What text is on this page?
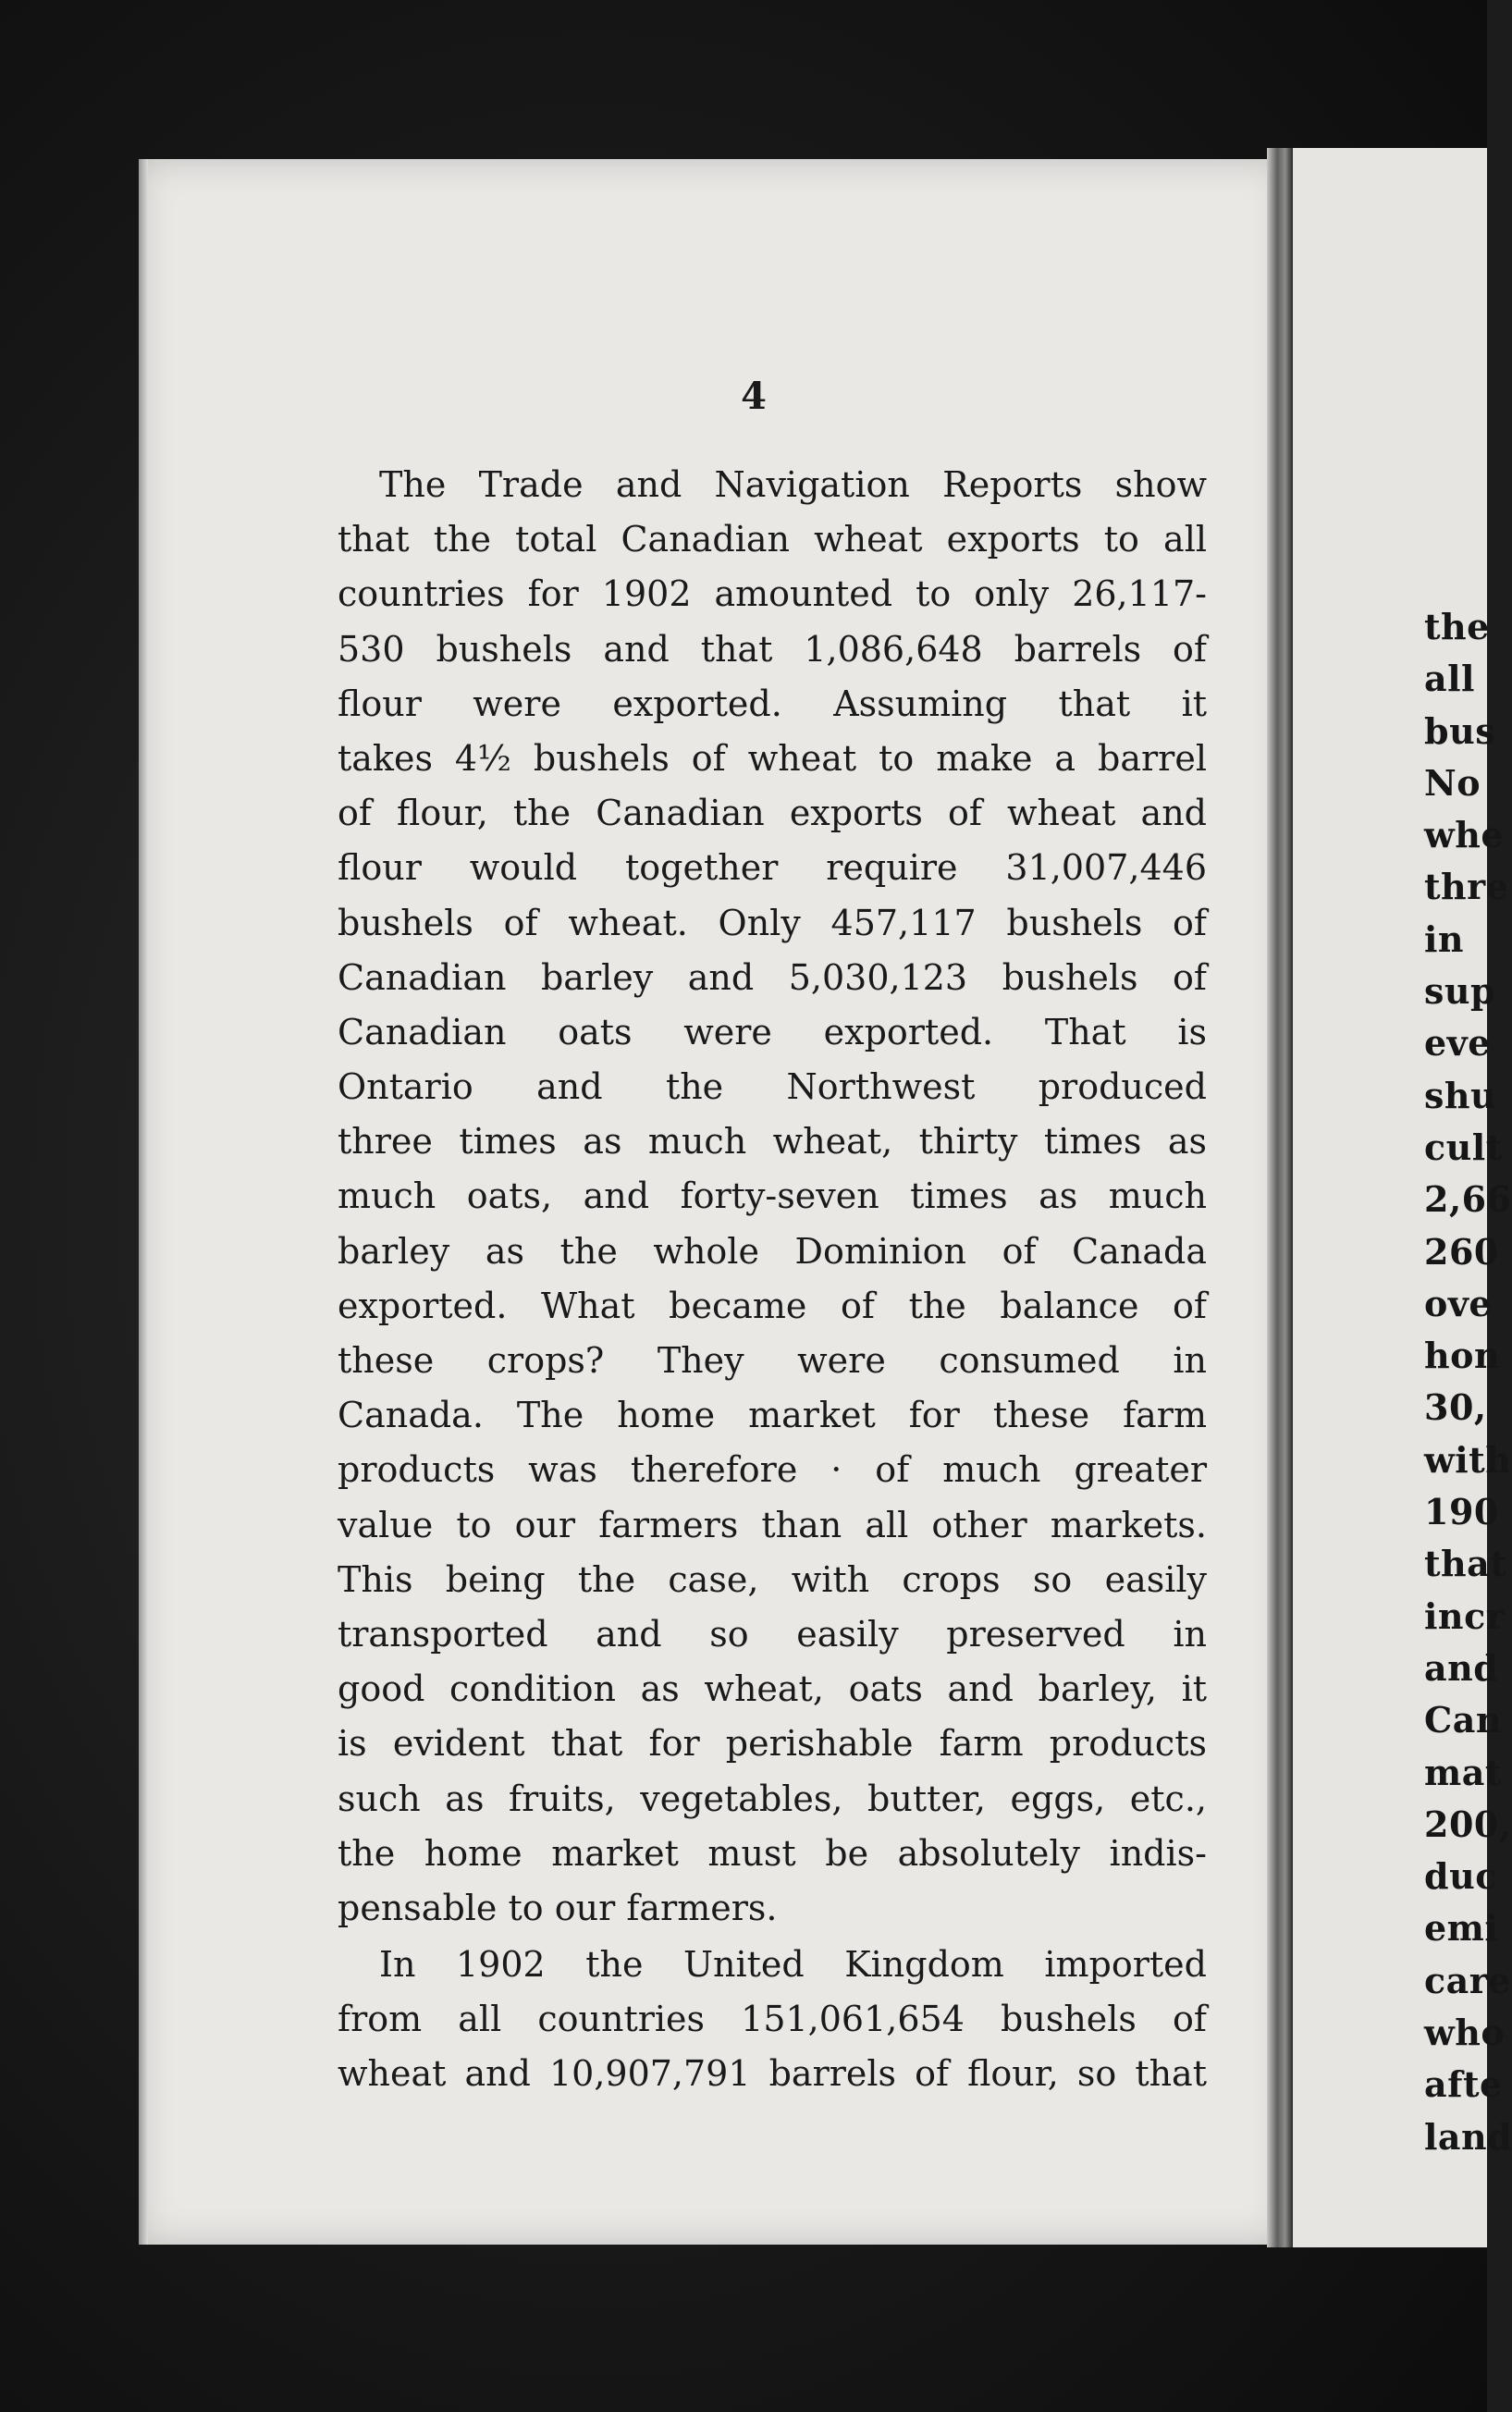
the
all
bus
No
whe
thre
in
sup
eve
shu
cult
2,66
260
ove
hon
30,
with
190
that
incr
and
Can
mat
200,
duc
emi
care
who
afte
land
4
The Trade and Navigation Reports show
that the total Canadian wheat exports to all
countries for 1902 amounted to only 26,117-
530 bushels and that 1,086,648 barrels of
flour were exported. Assuming that it
takes 4½ bushels of wheat to make a barrel
of flour, the Canadian exports of wheat and
flour would together require 31,007,446
bushels of wheat. Only 457,117 bushels of
Canadian barley and 5,030,123 bushels of
Canadian oats were exported. That is
Ontario and the Northwest produced
three times as much wheat, thirty times as
much oats, and forty-seven times as much
barley as the whole Dominion of Canada
exported. What became of the balance of
these crops? They were consumed in
Canada. The home market for these farm
products was therefore · of much greater
value to our farmers than all other markets.
This being the case, with crops so easily
transported and so easily preserved in
good condition as wheat, oats and barley, it
is evident that for perishable farm products
such as fruits, vegetables, butter, eggs, etc.,
the home market must be absolutely indis-
pensable to our farmers.
In 1902 the United Kingdom imported
from all countries 151,061,654 bushels of
wheat and 10,907,791 barrels of flour, so that
